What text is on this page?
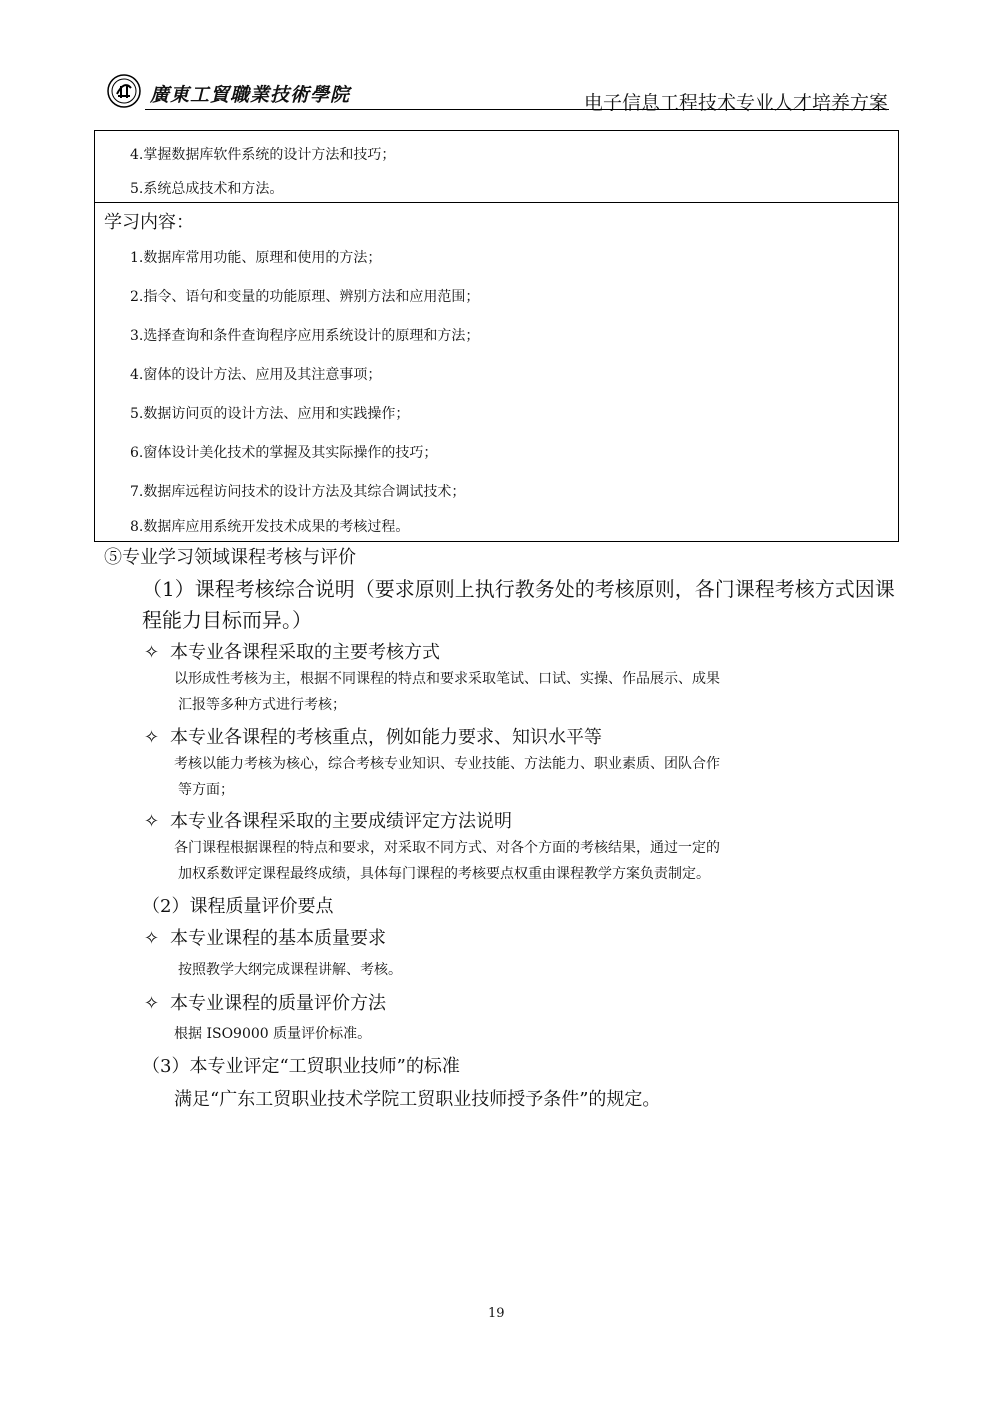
廣東工貿職業技術學院	电子信息工程技术专业人才培养方案
4.掌握数据库软件系统的设计方法和技巧；
5.系统总成技术和方法。
学习内容：
1.数据库常用功能、原理和使用的方法；
2.指令、语句和变量的功能原理、辨别方法和应用范围；
3.选择查询和条件查询程序应用系统设计的原理和方法；
4.窗体的设计方法、应用及其注意事项；
5.数据访问页的设计方法、应用和实践操作；
6.窗体设计美化技术的掌握及其实际操作的技巧；
7.数据库远程访问技术的设计方法及其综合调试技术；
8.数据库应用系统开发技术成果的考核过程。
⑤专业学习领域课程考核与评价
（1）课程考核综合说明（要求原则上执行教务处的考核原则，各门课程考核方式因课
程能力目标而异。）
✧ 本专业各课程采取的主要考核方式
以形成性考核为主，根据不同课程的特点和要求采取笔试、口试、实操、作品展示、成果
汇报等多种方式进行考核；
✧ 本专业各课程的考核重点，例如能力要求、知识水平等
考核以能力考核为核心，综合考核专业知识、专业技能、方法能力、职业素质、团队合作
等方面；
✧ 本专业各课程采取的主要成绩评定方法说明
各门课程根据课程的特点和要求，对采取不同方式、对各个方面的考核结果，通过一定的
加权系数评定课程最终成绩，具体每门课程的考核要点权重由课程教学方案负责制定。
（2）课程质量评价要点
✧ 本专业课程的基本质量要求
按照教学大纲完成课程讲解、考核。
✧ 本专业课程的质量评价方法
根据 ISO9000 质量评价标准。
（3）本专业评定“工贸职业技师”的标准
满足“广东工贸职业技术学院工贸职业技师授予条件”的规定。
19
